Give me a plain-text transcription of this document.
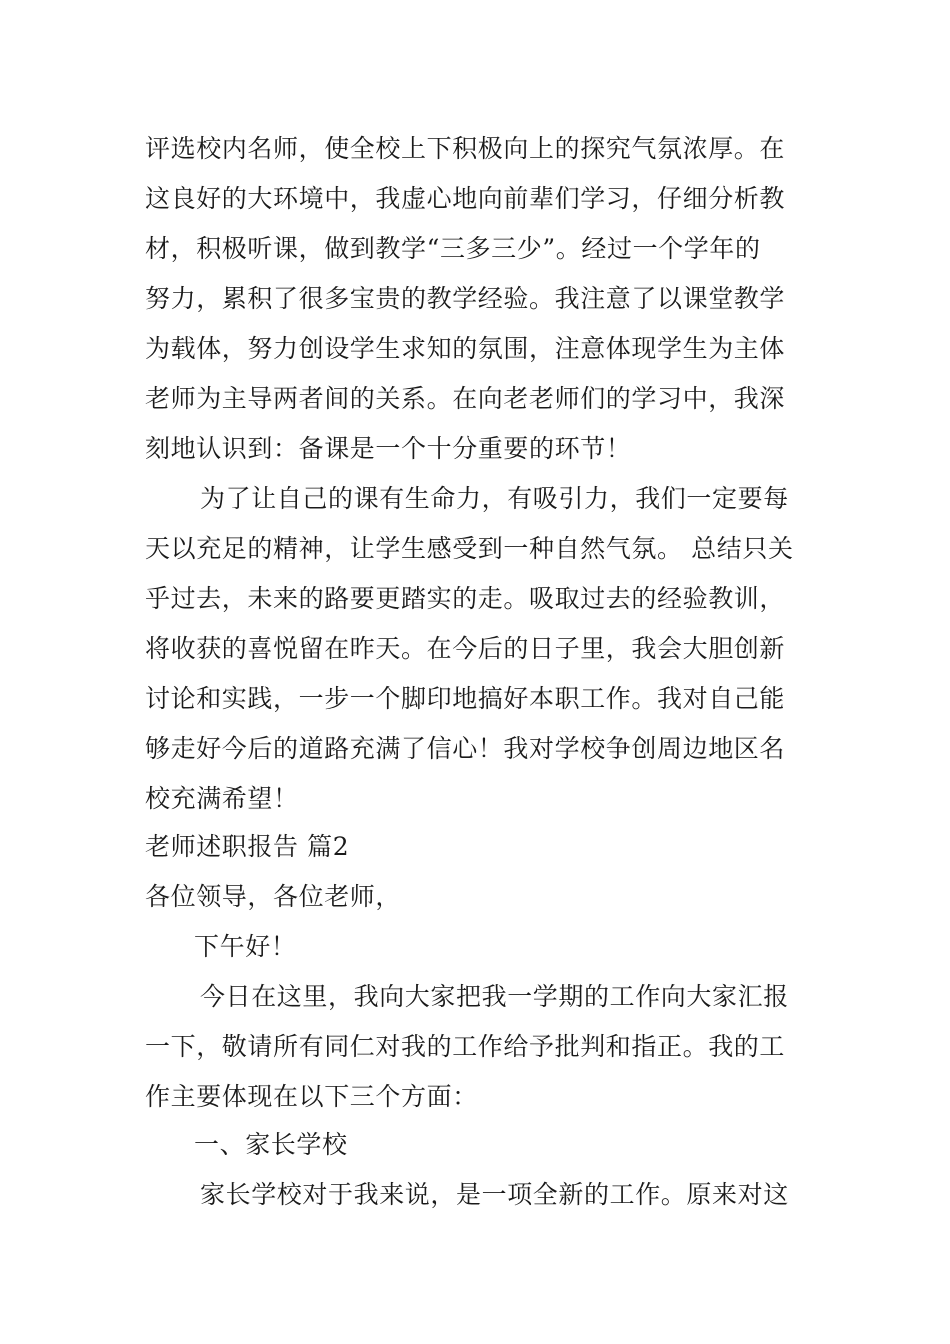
评选校内名师，使全校上下积极向上的探究气氛浓厚。在
这良好的大环境中，我虚心地向前辈们学习，仔细分析教
材，积极听课，做到教学“三多三少”。经过一个学年的
努力，累积了很多宝贵的教学经验。我注意了以课堂教学
为载体，努力创设学生求知的氛围，注意体现学生为主体
老师为主导两者间的关系。在向老老师们的学习中，我深
刻地认识到：备课是一个十分重要的环节！
为了让自己的课有生命力，有吸引力，我们一定要每
天以充足的精神，让学生感受到一种自然气氛。 总结只关
乎过去，未来的路要更踏实的走。吸取过去的经验教训，
将收获的喜悦留在昨天。在今后的日子里，我会大胆创新
讨论和实践，一步一个脚印地搞好本职工作。我对自己能
够走好今后的道路充满了信心！我对学校争创周边地区名
校充满希望！
老师述职报告 篇2
各位领导，各位老师，
下午好！
今日在这里，我向大家把我一学期的工作向大家汇报
一下，敬请所有同仁对我的工作给予批判和指正。我的工
作主要体现在以下三个方面：
一、家长学校
家长学校对于我来说，是一项全新的工作。原来对这
